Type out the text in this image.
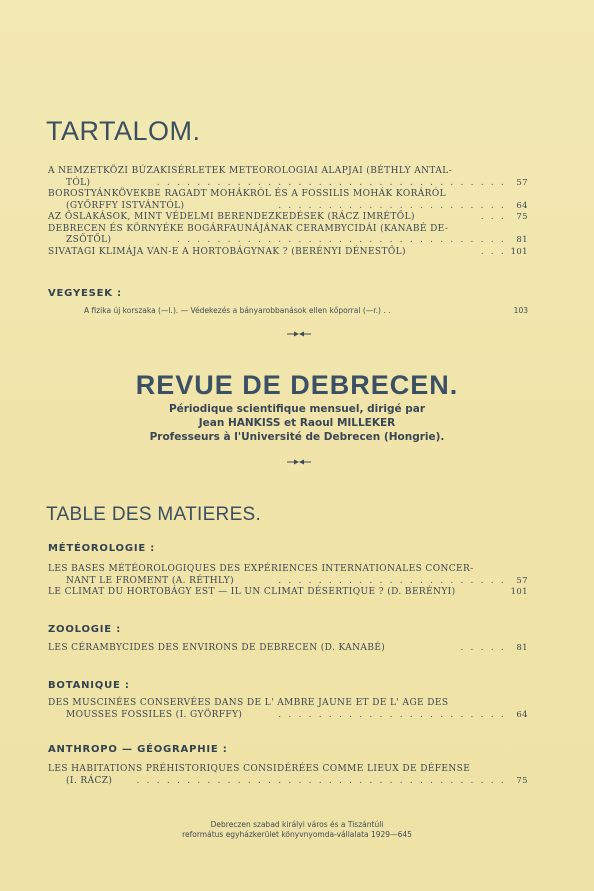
TARTALOM.
A NEMZETKÖZI BÚZAKISÉRLETEK METEOROLOGIAI ALAPJAI (BÉTHLY ANTAL-
TÓL)	. . . . . . . . . . . . . . . . . . . . . . . . . . . . . . . . . . . 57
BOROSTYÁNKÖVEKBE RAGADT MOHÁKRÓL ÉS A FOSSILIS MOHÁK KORÁRÓL
(GYŐRFFY ISTVÁNTÓL)	. . . . . . . . . . . . . . . . . . . . . . . 64
AZ ŐSLAKÁSOK, MINT VÉDELMI BERENDEZKEDÉSEK (RÁCZ IMRÉTŐL)	. . . 75
DEBRECEN ÉS KÖRNYÉKE BOGÁRFAUNÁJÁNAK CERAMBYCIDÁI (KANABÉ DE-
ZSŐTŐL)	. . . . . . . . . . . . . . . . . . . . . . . . . . . . . . . . . 81
SIVATAGI KLIMÁJA VAN-E A HORTOBÁGYNAK ? (BERÉNYI DÉNESTŐL)	. . . 101
VEGYESEK :
A fizika új korszaka (—l.). — Védekezés a bányarobbanások ellen kőporral (—r.) . .	103
REVUE DE DEBRECEN.
Périodique scientifique mensuel, dirigé par
Jean HANKISS et Raoul MILLEKER
Professeurs à l'Université de Debrecen (Hongrie).
TABLE DES MATIERES.
MÉTÉOROLOGIE :
LES BASES MÉTÉOROLOGIQUES DES EXPÉRIENCES INTERNATIONALES CONCER-
NANT LE FROMENT (A. RÉTHLY)	. . . . . . . . . . . . . . . . . . . . . . . 57
LE CLIMAT DU HORTOBÁGY EST — IL UN CLIMAT DÉSERTIQUE ? (D. BERÉNYI)	101
ZOOLOGIE :
LES CÉRAMBYCIDES DES ENVIRONS DE DEBRECEN (D. KANABÉ)	. . . . . 81
BOTANIQUE :
DES MUSCINÉES CONSERVÉES DANS DE L' AMBRE JAUNE ET DE L' AGE DES
MOUSSES FOSSILES (I. GYÖRFFY)	. . . . . . . . . . . . . . . . . . . . . . . 64
ANTHROPO — GÉOGRAPHIE :
LES HABITATIONS PRÉHISTORIQUES CONSIDÉRÉES COMME LIEUX DE DÉFENSE
(I. RÁCZ)	. . . . . . . . . . . . . . . . . . . . . . . . . . . . . . . . . . . . . 75
Debreczen szabad királyi város és a Tiszántúli
református egyházkerület könyvnyomda-vállalata 1929—645
